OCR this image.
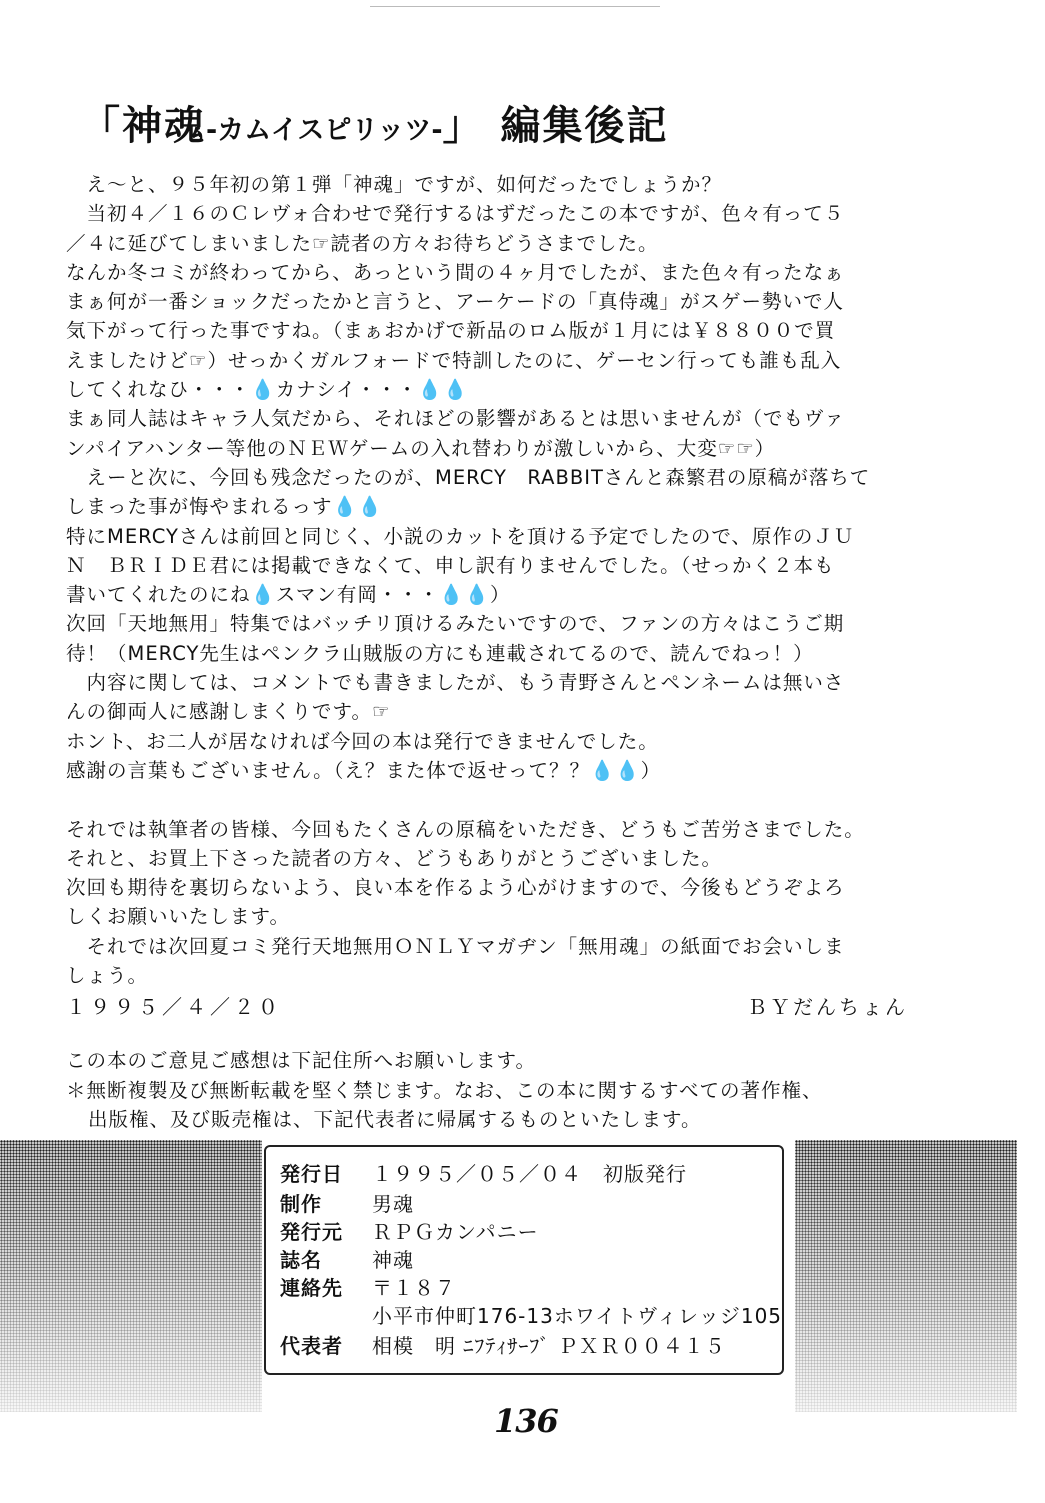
「神魂-カムイスピリッツ-」 編集後記
　え～と、９５年初の第１弾「神魂」ですが、如何だったでしょうか？
　当初４／１６のＣレヴォ合わせで発行するはずだったこの本ですが、色々有って５
／４に延びてしまいました☞読者の方々お待ちどうさまでした。
なんか冬コミが終わってから、あっという間の４ヶ月でしたが、また色々有ったなぁ
まぁ何が一番ショックだったかと言うと、アーケードの「真侍魂」がスゲー勢いで人
気下がって行った事ですね。（まぁおかげで新品のロム版が１月には￥８８００で買
えましたけど☞）せっかくガルフォードで特訓したのに、ゲーセン行っても誰も乱入
してくれなひ・・・💧カナシイ・・・💧💧
まぁ同人誌はキャラ人気だから、それほどの影響があるとは思いませんが（でもヴァ
ンパイアハンター等他のＮＥＷゲームの入れ替わりが激しいから、大変☞☞）
　えーと次に、今回も残念だったのが、MERCY　RABBITさんと森繁君の原稿が落ちて
しまった事が悔やまれるっす💧💧
特にMERCYさんは前回と同じく、小説のカットを頂ける予定でしたので、原作のＪＵ
Ｎ　ＢＲＩＤＥ君には掲載できなくて、申し訳有りませんでした。（せっかく２本も
書いてくれたのにね💧スマン有岡・・・💧💧）
次回「天地無用」特集ではバッチリ頂けるみたいですので、ファンの方々はこうご期
待！（MERCY先生はペンクラ山賊版の方にも連載されてるので、読んでねっ！）
　内容に関しては、コメントでも書きましたが、もう青野さんとペンネームは無いさ
んの御両人に感謝しまくりです。☞
ホント、お二人が居なければ今回の本は発行できませんでした。
感謝の言葉もございません。（え？また体で返せって？？💧💧）
それでは執筆者の皆様、今回もたくさんの原稿をいただき、どうもご苦労さまでした。
それと、お買上下さった読者の方々、どうもありがとうございました。
次回も期待を裏切らないよう、良い本を作るよう心がけますので、今後もどうぞよろ
しくお願いいたします。
　それでは次回夏コミ発行天地無用ＯＮＬＹマガヂン「無用魂」の紙面でお会いしま
しょう。
１９９５／４／２０	ＢＹだんちょん
この本のご意見ご感想は下記住所へお願いします。
＊無断複製及び無断転載を堅く禁じます。なお、この本に関するすべての著作権、
出版権、及び販売権は、下記代表者に帰属するものといたします。
発行日	１９９５／０５／０４　初版発行
制作	男魂
発行元	ＲＰＧカンパニー
誌名	神魂
連絡先	〒１８７
小平市仲町176-13ホワイトヴィレッジ105
代表者	相模　明 ﾆﾌﾃｨｻｰﾌﾞ ＰＸＲ００４１５
136
